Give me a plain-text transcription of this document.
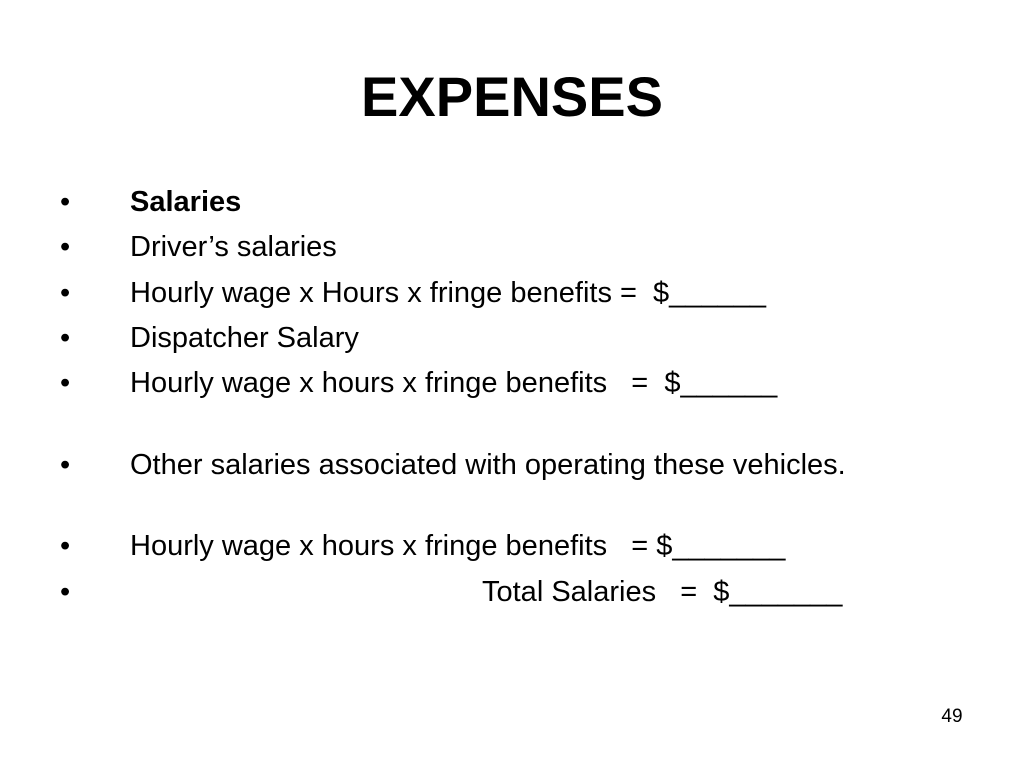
EXPENSES
• Salaries
• Driver’s salaries
• Hourly wage x Hours x fringe benefits =  $______
• Dispatcher Salary
• Hourly wage x hours x fringe benefits   =  $______
• Other salaries associated with operating these vehicles.
• Hourly wage x hours x fringe benefits   = $_______
•	Total Salaries   =  $_______
49
